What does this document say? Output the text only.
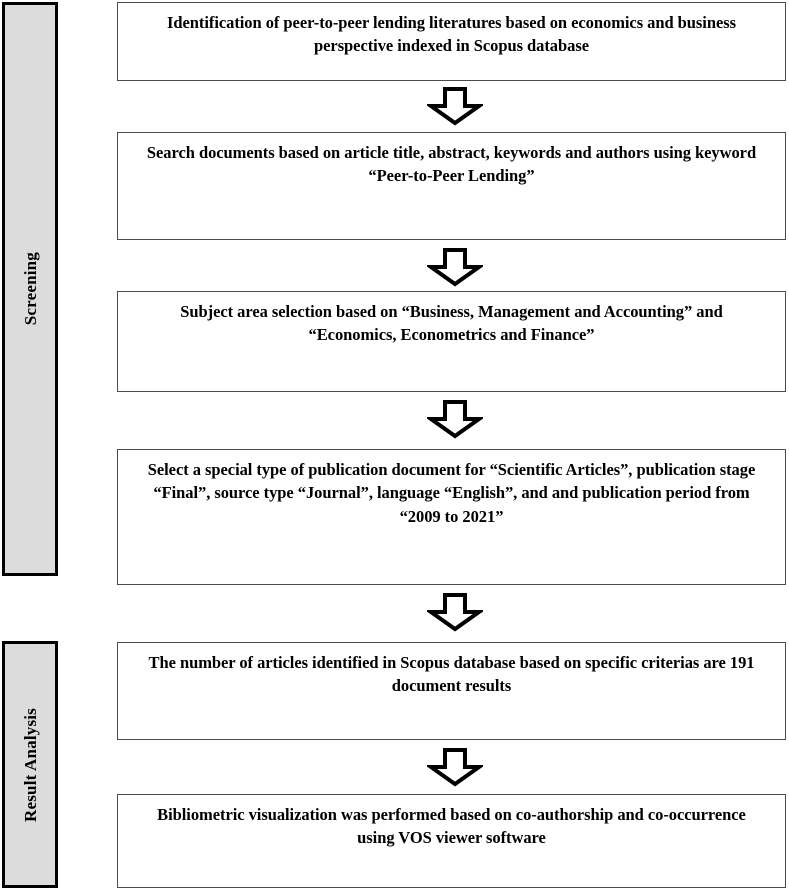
Screening
Result Analysis
Identification of peer-to-peer lending literatures based on economics and business perspective indexed in Scopus database
Search documents based on article title, abstract, keywords and authors using keyword “Peer-to-Peer Lending”
Subject area selection based on “Business, Management and Accounting” and “Economics, Econometrics and Finance”
Select a special type of publication document for “Scientific Articles”, publication stage “Final”, source type “Journal”, language “English”, and and publication period from “2009 to 2021”
The number of articles identified in Scopus database based on specific criterias are 191 document results
Bibliometric visualization was performed based on co-authorship and co-occurrence using VOS viewer software
